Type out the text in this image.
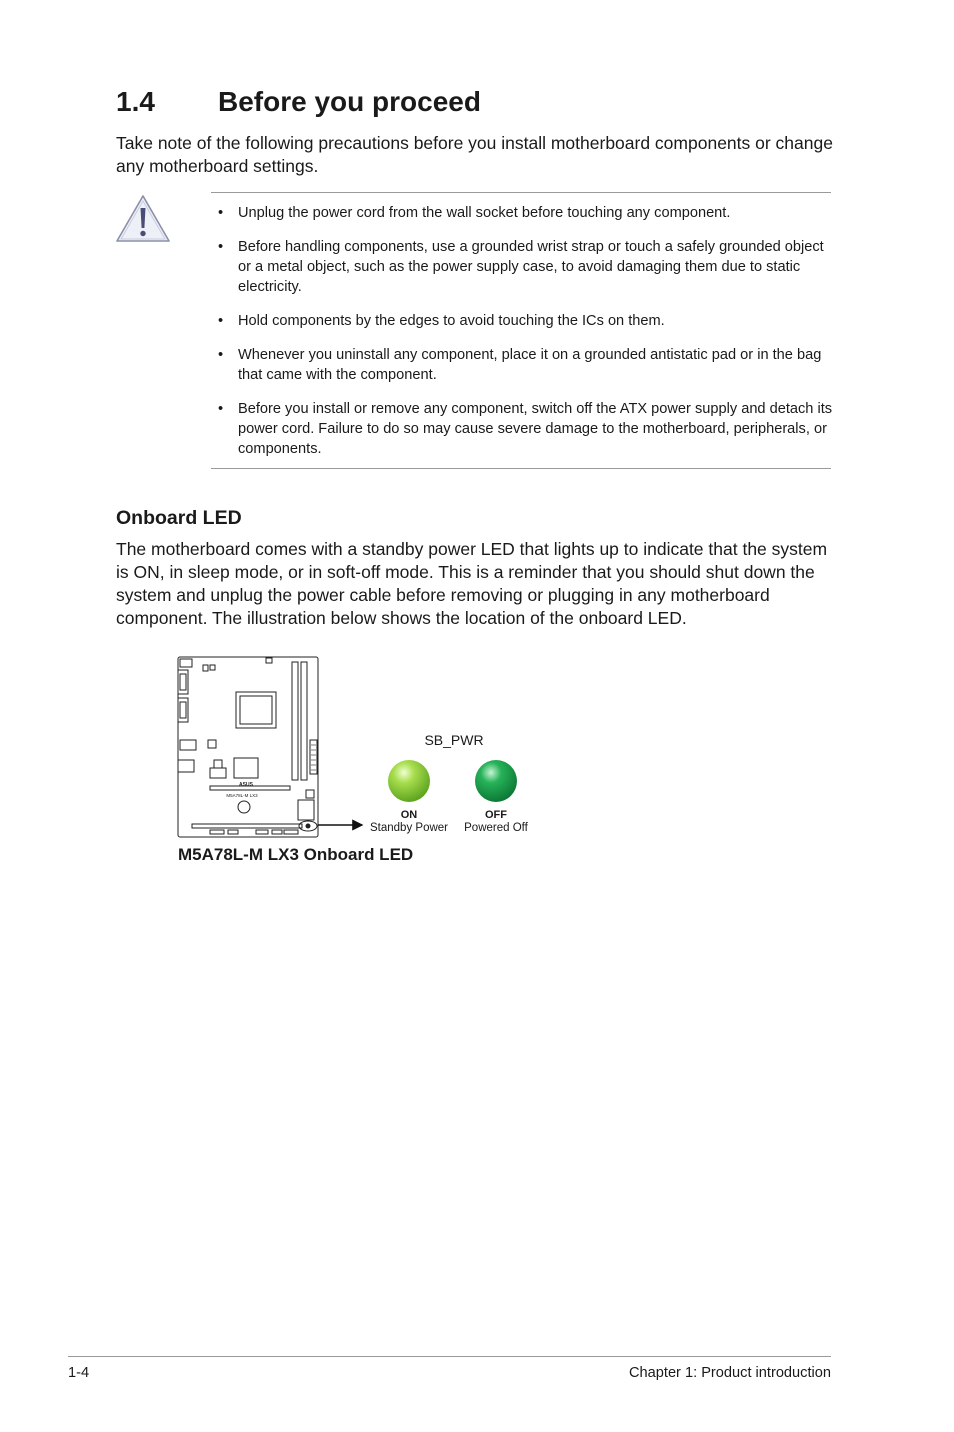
1.4 Before you proceed
Take note of the following precautions before you install motherboard components or change any motherboard settings.
• Unplug the power cord from the wall socket before touching any component.
• Before handling components, use a grounded wrist strap or touch a safely grounded object or a metal object, such as the power supply case, to avoid damaging them due to static electricity.
• Hold components by the edges to avoid touching the ICs on them.
• Whenever you uninstall any component, place it on a grounded antistatic pad or in the bag that came with the component.
• Before you install or remove any component, switch off the ATX power supply and detach its power cord. Failure to do so may cause severe damage to the motherboard, peripherals, or components.
Onboard LED
The motherboard comes with a standby power LED that lights up to indicate that the system is ON, in sleep mode, or in soft-off mode. This is a reminder that you should shut down the system and unplug the power cable before removing or plugging in any motherboard component. The illustration below shows the location of the onboard LED.
ASUS
M5A78L-M LX3
SB_PWR
ON
Standby Power
OFF
Powered Off
M5A78L-M LX3 Onboard LED
1-4	Chapter 1: Product introduction
